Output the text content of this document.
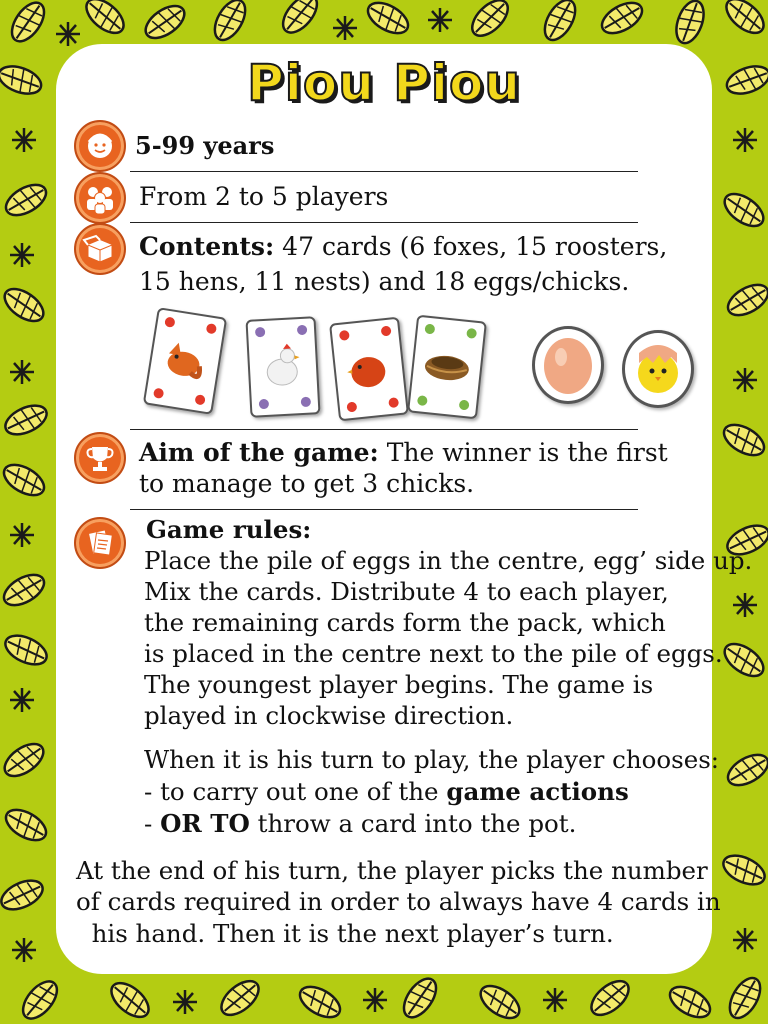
Piou Piou
5-99 years
From 2 to 5 players
Contents: 47 cards (6 foxes, 15 roosters,
15 hens, 11 nests) and 18 eggs/chicks.
Aim of the game: The winner is the first
to manage to get 3 chicks.
Game rules:
Place the pile of eggs in the centre, egg’ side up.
Mix the cards. Distribute 4 to each player,
the remaining cards form the pack, which
is placed in the centre next to the pile of eggs.
The youngest player begins. The game is
played in clockwise direction.
When it is his turn to play, the player chooses:
- to carry out one of the game actions
- OR TO throw a card into the pot.
At the end of his turn, the player picks the number
of cards required in order to always have 4 cards in
his hand. Then it is the next player’s turn.
